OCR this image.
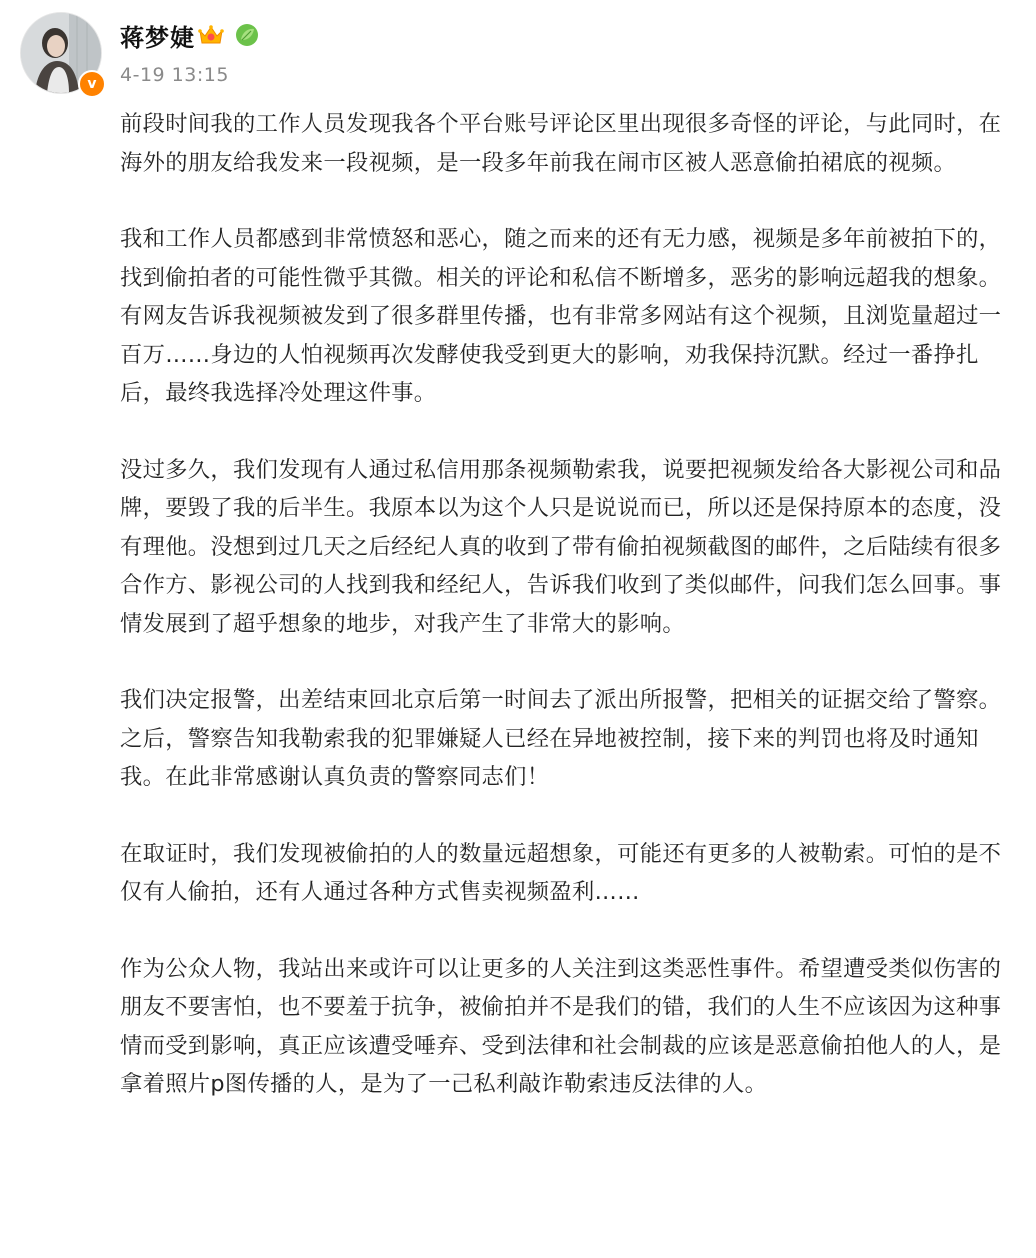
v
蒋梦婕
4-19 13:15

前段时间我的工作人员发现我各个平台账号评论区里出现很多奇怪的评论，与此同时，在海外的朋友给我发来一段视频，是一段多年前我在闹市区被人恶意偷拍裙底的视频。

我和工作人员都感到非常愤怒和恶心，随之而来的还有无力感，视频是多年前被拍下的，找到偷拍者的可能性微乎其微。相关的评论和私信不断增多，恶劣的影响远超我的想象。有网友告诉我视频被发到了很多群里传播，也有非常多网站有这个视频，且浏览量超过一百万……身边的人怕视频再次发酵使我受到更大的影响，劝我保持沉默。经过一番挣扎后，最终我选择冷处理这件事。

没过多久，我们发现有人通过私信用那条视频勒索我，说要把视频发给各大影视公司和品牌，要毁了我的后半生。我原本以为这个人只是说说而已，所以还是保持原本的态度，没有理他。没想到过几天之后经纪人真的收到了带有偷拍视频截图的邮件，之后陆续有很多合作方、影视公司的人找到我和经纪人，告诉我们收到了类似邮件，问我们怎么回事。事情发展到了超乎想象的地步，对我产生了非常大的影响。

我们决定报警，出差结束回北京后第一时间去了派出所报警，把相关的证据交给了警察。之后，警察告知我勒索我的犯罪嫌疑人已经在异地被控制，接下来的判罚也将及时通知我。在此非常感谢认真负责的警察同志们！

在取证时，我们发现被偷拍的人的数量远超想象，可能还有更多的人被勒索。可怕的是不仅有人偷拍，还有人通过各种方式售卖视频盈利……

作为公众人物，我站出来或许可以让更多的人关注到这类恶性事件。希望遭受类似伤害的朋友不要害怕，也不要羞于抗争，被偷拍并不是我们的错，我们的人生不应该因为这种事情而受到影响，真正应该遭受唾弃、受到法律和社会制裁的应该是恶意偷拍他人的人，是拿着照片p图传播的人，是为了一己私利敲诈勒索违反法律的人。
